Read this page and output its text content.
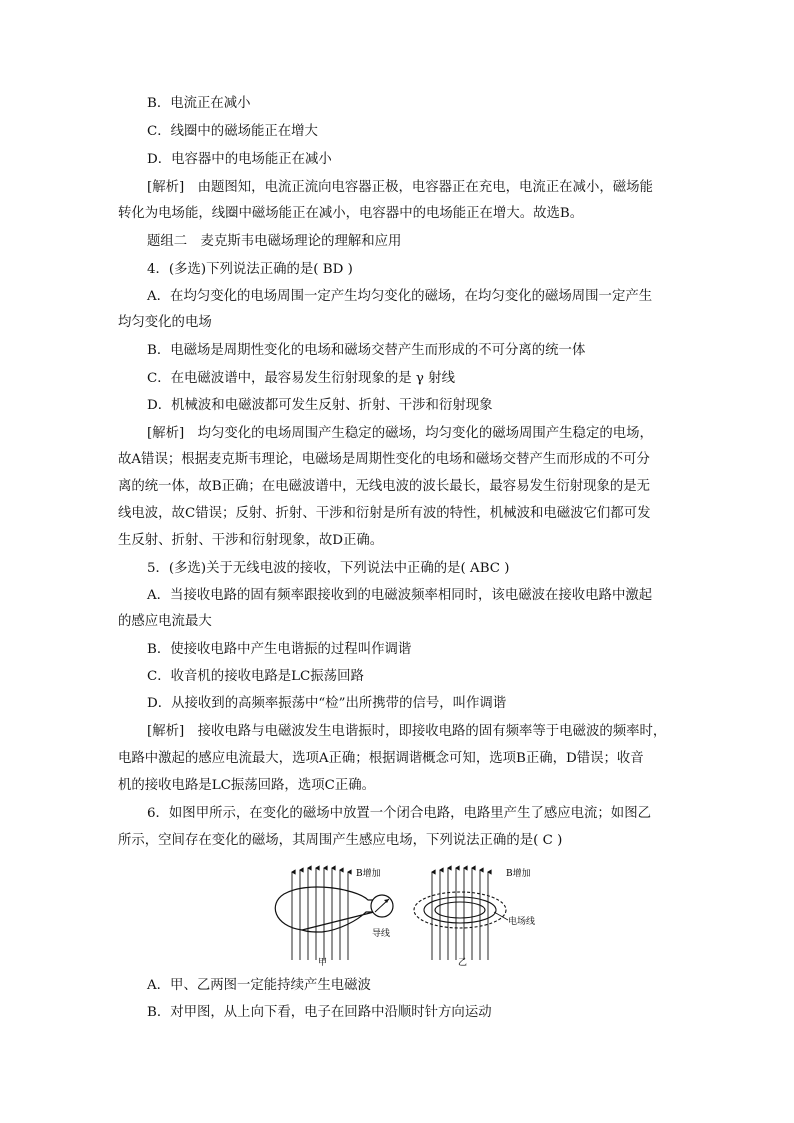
B．电流正在减小
C．线圈中的磁场能正在增大
D．电容器中的电场能正在减小
[解析]　由题图知，电流正流向电容器正极，电容器正在充电，电流正在减小，磁场能
转化为电场能，线圈中磁场能正在减小，电容器中的电场能正在增大。故选B。
题组二　麦克斯韦电磁场理论的理解和应用
4．(多选)下列说法正确的是( BD )
A．在均匀变化的电场周围一定产生均匀变化的磁场，在均匀变化的磁场周围一定产生
均匀变化的电场
B．电磁场是周期性变化的电场和磁场交替产生而形成的不可分离的统一体
C．在电磁波谱中，最容易发生衍射现象的是 γ 射线
D．机械波和电磁波都可发生反射、折射、干涉和衍射现象
[解析]　均匀变化的电场周围产生稳定的磁场，均匀变化的磁场周围产生稳定的电场，
故A错误；根据麦克斯韦理论，电磁场是周期性变化的电场和磁场交替产生而形成的不可分
离的统一体，故B正确；在电磁波谱中，无线电波的波长最长，最容易发生衍射现象的是无
线电波，故C错误；反射、折射、干涉和衍射是所有波的特性，机械波和电磁波它们都可发
生反射、折射、干涉和衍射现象，故D正确。
5．(多选)关于无线电波的接收，下列说法中正确的是( ABC )
A．当接收电路的固有频率跟接收到的电磁波频率相同时，该电磁波在接收电路中激起
的感应电流最大
B．使接收电路中产生电谐振的过程叫作调谐
C．收音机的接收电路是LC振荡回路
D．从接收到的高频率振荡中“检”出所携带的信号，叫作调谐
[解析]　接收电路与电磁波发生电谐振时，即接收电路的固有频率等于电磁波的频率时，
电路中激起的感应电流最大，选项A正确；根据调谐概念可知，选项B正确，D错误；收音
机的接收电路是LC振荡回路，选项C正确。
6．如图甲所示，在变化的磁场中放置一个闭合电路，电路里产生了感应电流；如图乙
所示，空间存在变化的磁场，其周围产生感应电场，下列说法正确的是( C )
B增加
导线
甲
B增加
电场线
乙
A．甲、乙两图一定能持续产生电磁波
B．对甲图，从上向下看，电子在回路中沿顺时针方向运动
